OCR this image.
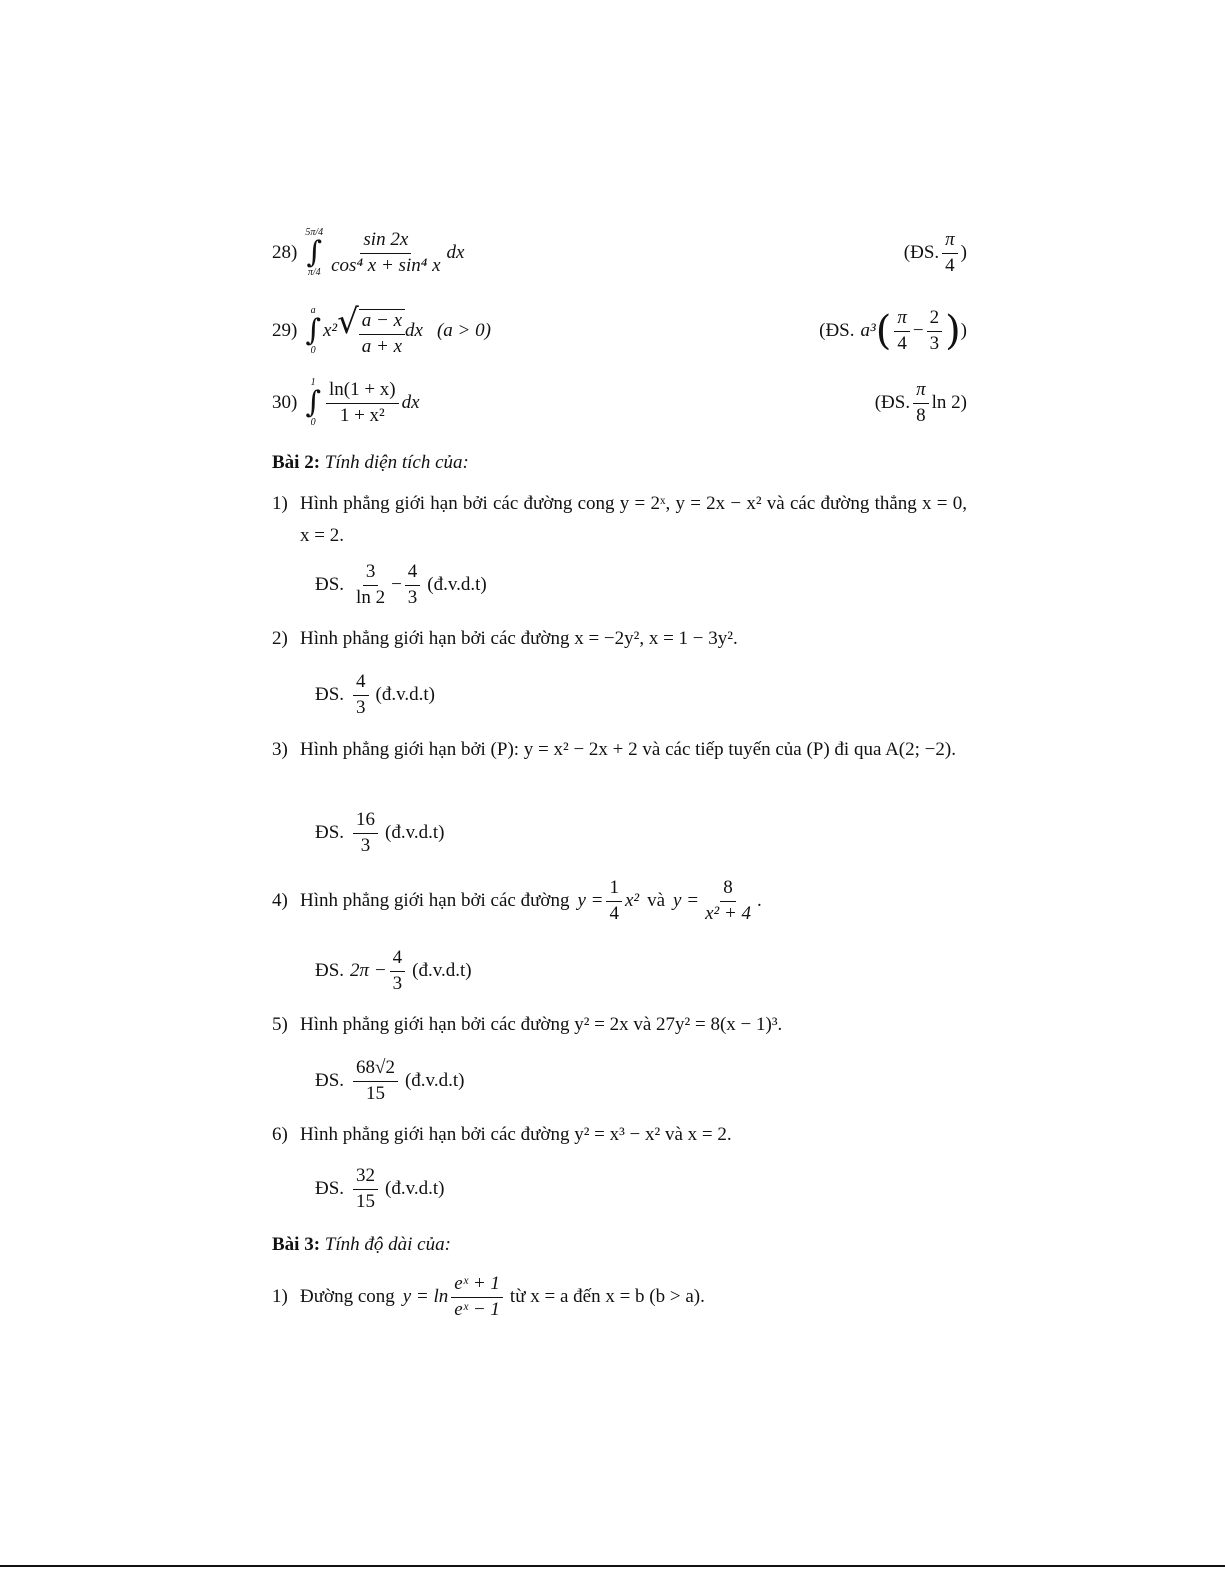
28)
5π/4
∫
$\pi/4 \frac{\sin 2x}{\text{cos⁴ x + sin⁴ x}}$ dx	(ĐS. $\frac{\pi}{4}$ )
29)
a
∫
0
x² √ $\frac{a - x}{a + x}$ dx (a > 0)	(ĐS. a³ ( $\frac{\pi}{4} - \frac{2}{3}$ ) )
30)
1
∫
$0 \frac{\ln(1 + x)}{\text{1 + x²}}$ dx	(ĐS. $\frac{\pi}{8}$ ln 2 )
Bài 2: Tính diện tích của:
1) Hình phẳng giới hạn bởi các đường cong y = 2ˣ, y = 2x − x² và các đường thẳng x = 0, x = 2.
ĐS. $\frac{3}{\ln 2} - \frac{4}{3}$ (đ.v.d.t)
2) Hình phẳng giới hạn bởi các đường x = −2y², x = 1 − 3y².
ĐS. $\frac{4}{3}$ (đ.v.d.t)
3) Hình phẳng giới hạn bởi (P): y = x² − 2x + 2 và các tiếp tuyến của (P) đi qua A(2; −2).
ĐS. $\frac{16}{3}$ (đ.v.d.t)
4) Hình phẳng giới hạn bởi các đường $y = \frac{1}{4} x^2$ và $y = \frac{8}{\text{x² + 4}}$ .
ĐS. $2\pi - \frac{4}{3}$ (đ.v.d.t)
5) Hình phẳng giới hạn bởi các đường y² = 2x và 27y² = 8(x − 1)³.
ĐS. $\frac{68√2}{15}$ (đ.v.d.t)
6) Hình phẳng giới hạn bởi các đường y² = x³ − x² và x = 2.
ĐS. $\frac{32}{15}$ (đ.v.d.t)
Bài 3: Tính độ dài của:
1) Đường cong $y = \ln \frac{\text{eˣ + 1}}{\text{eˣ − 1}}$ từ x = a đến x = b (b > a).
